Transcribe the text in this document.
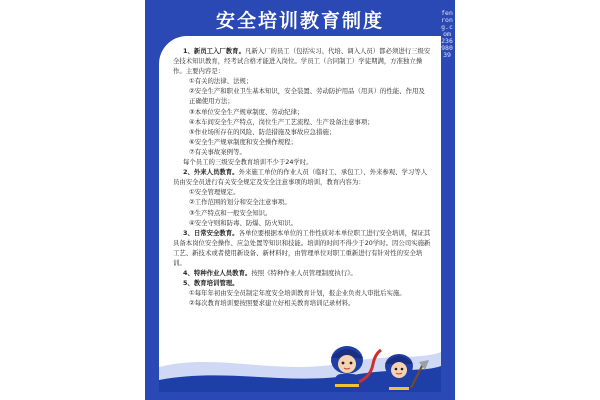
安全培训教育制度	fenrong.com 23698039

1、新员工入厂教育。凡新入厂的员工（包括实习、代培、调入人员）都必须进行三级安全技术知识教育，经考试合格才能进入岗位。学员工（合同制工）学徒期满，方准独立操作。主要内容是：

①有关的法律、法规；

②安全生产和职业卫生基本知识，安全装置、劳动防护用品（用具）的性能、作用及正确使用方法；

③本单位安全生产规章制度、劳动纪律；

④本车间安全生产特点，岗位生产工艺流程、生产设备注意事项；

⑤作业场所存在的风险、防范措施及事故应急措施；

⑥安全生产规章制度和安全操作规程；

⑦有关事故案例等。

每个员工的三级安全教育培训不少于24学时。

2、外来人员教育。外来施工单位的作业人员（临时工、承包工）、外来参观、学习等人员由安全员进行有关安全规定及安全注意事项的培训，教育内容为：

①安全管理规定。

②工作范围的划分和安全注意事项。

③生产特点和一般安全知识。

④安全守则和防毒、防爆、防火知识。

3、日常安全教育。各单位要根据本单位的工作性质对本单位职工进行安全培训，保证其具备本岗位安全操作、应急处置等知识和技能。培训的时间不得少于20学时。因公司实施新工艺、新技术或者使用新设备、新材料时，由管理单位对职工重新进行有针对性的安全培训。

4、特种作业人员教育。按照《特种作业人员管理制度执行》。

5、教育培训管理。

①每年年初由安全员制定年度安全培训教育计划，报企业负责人审批后实施。

②每次教育培训要按照要求建立好相关教育培训记录材料。
